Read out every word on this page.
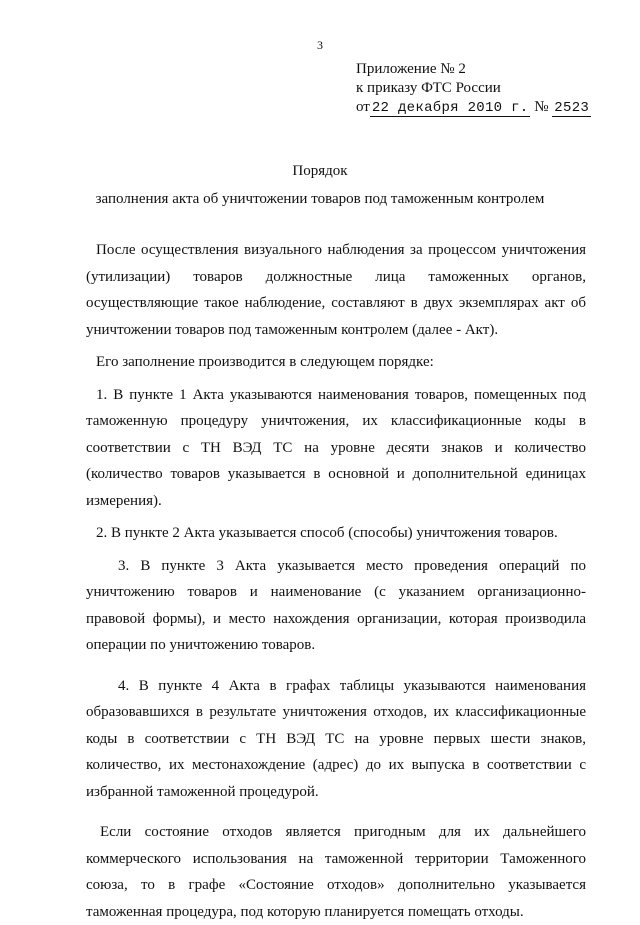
3
Приложение № 2
к приказу ФТС России
от 22 декабря 2010 г. № 2523
Порядок
заполнения акта об уничтожении товаров под таможенным контролем

После осуществления визуального наблюдения за процессом уничтожения (утилизации) товаров должностные лица таможенных органов, осуществляющие такое наблюдение, составляют в двух экземплярах акт об уничтожении товаров под таможенным контролем (далее - Акт).

Его заполнение производится в следующем порядке:

1. В пункте 1 Акта указываются наименования товаров, помещенных под таможенную процедуру уничтожения, их классификационные коды в соответствии с ТН ВЭД ТС на уровне десяти знаков и количество (количество товаров указывается в основной и дополнительной единицах измерения).

2. В пункте 2 Акта указывается способ (способы) уничтожения товаров.

3. В пункте 3 Акта указывается место проведения операций по уничтожению товаров и наименование (с указанием организационно-правовой формы), и место нахождения организации, которая производила операции по уничтожению товаров.

4. В пункте 4 Акта в графах таблицы указываются наименования образовавшихся в результате уничтожения отходов, их классификационные коды в соответствии с ТН ВЭД ТС на уровне первых шести знаков, количество, их местонахождение (адрес) до их выпуска в соответствии с избранной таможенной процедурой.

Если состояние отходов является пригодным для их дальнейшего коммерческого использования на таможенной территории Таможенного союза, то в графе «Состояние отходов» дополнительно указывается таможенная процедура, под которую планируется помещать отходы.
